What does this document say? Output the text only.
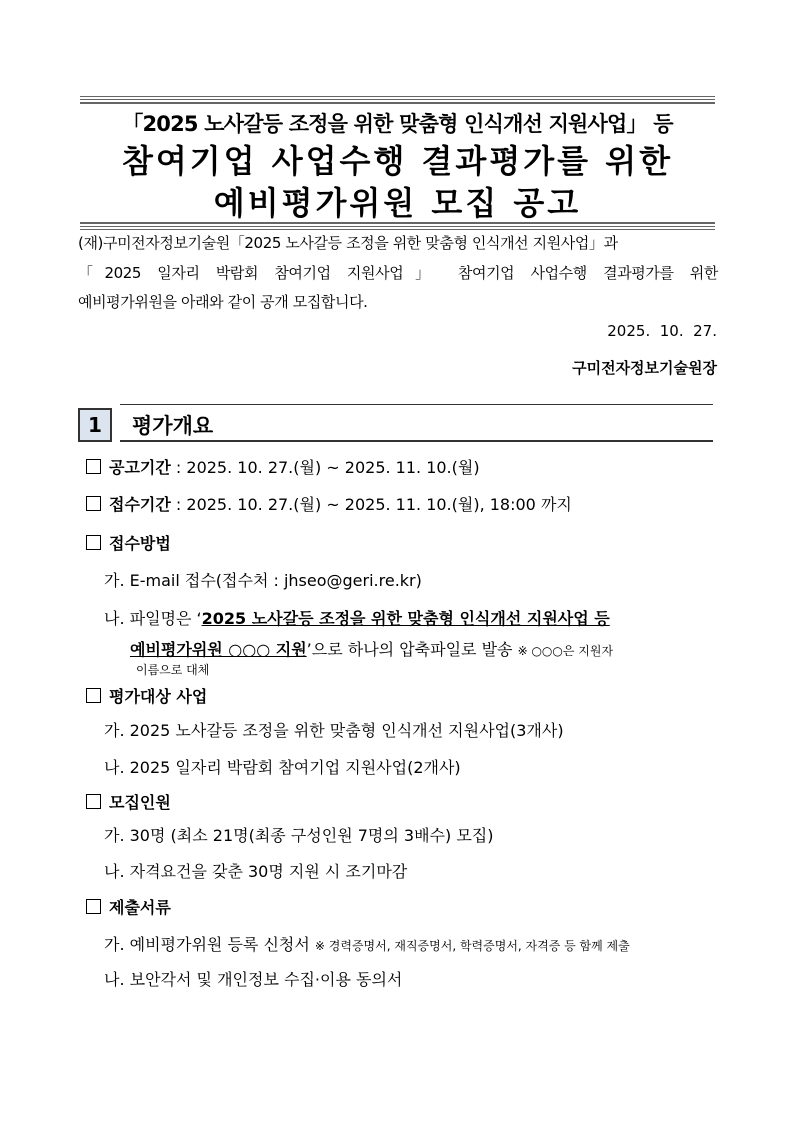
「2025 노사갈등 조정을 위한 맞춤형 인식개선 지원사업」 등
참여기업 사업수행 결과평가를 위한
예비평가위원 모집 공고
(재)구미전자정보기술원「2025 노사갈등 조정을 위한 맞춤형 인식개선 지원사업」과
「2025 일자리 박람회 참여기업 지원사업」 참여기업 사업수행 결과평가를 위한
예비평가위원을 아래와 같이 공개 모집합니다.
2025.  10.  27.
구미전자정보기술원장
1	평가개요
공고기간 : 2025. 10. 27.(월) ~ 2025. 11. 10.(월)
접수기간 : 2025. 10. 27.(월) ~ 2025. 11. 10.(월), 18:00 까지
접수방법
가. E-mail 접수(접수처 : jhseo@geri.re.kr)
나. 파일명은 ‘2025 노사갈등 조정을 위한 맞춤형 인식개선 지원사업 등
예비평가위원 ○○○ 지원’으로 하나의 압축파일로 발송 ※ ○○○은 지원자
이름으로 대체
평가대상 사업
가. 2025 노사갈등 조정을 위한 맞춤형 인식개선 지원사업(3개사)
나. 2025 일자리 박람회 참여기업 지원사업(2개사)
모집인원
가. 30명 (최소 21명(최종 구성인원 7명의 3배수) 모집)
나. 자격요건을 갖춘 30명 지원 시 조기마감
제출서류
가. 예비평가위원 등록 신청서 ※ 경력증명서, 재직증명서, 학력증명서, 자격증 등 함께 제출
나. 보안각서 및 개인정보 수집·이용 동의서
